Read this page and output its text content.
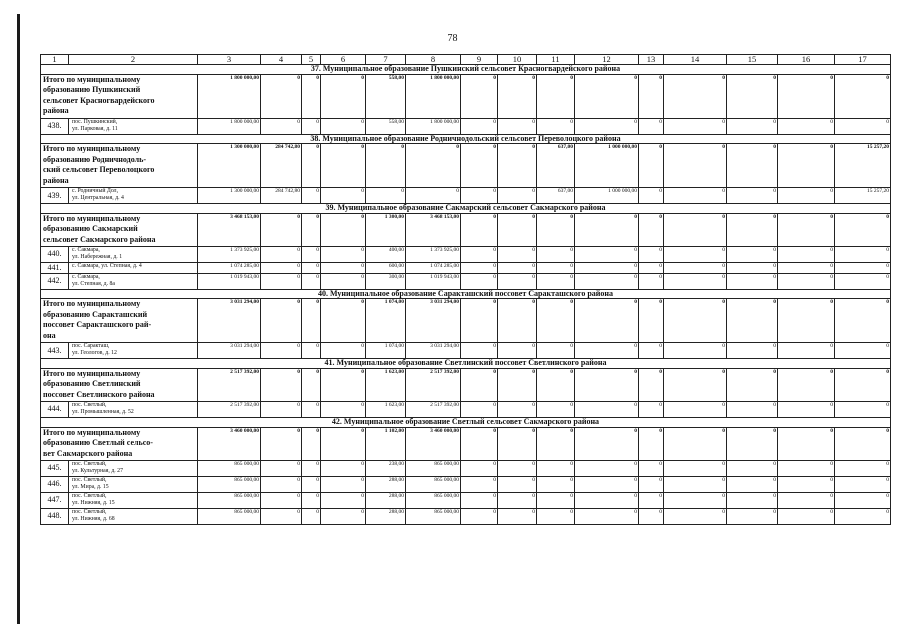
78
1	2	3	4	5	6	7	8	9	10	11	12	13	14	15	16	17
37. Муниципальное образование Пушкинский сельсовет Красногвардейского района																

Итого по муниципальному
образованию Пушкинский
сельсовет Красногвардейского
района		1 800 000,00	0	0	0	558,00	1 800 000,00	0	0	0	0	0	0	0	0	0
438.	пос. Пушкинский,
ул. Парковая, д. 11	1 800 000,00	0	0	0	558,00	1 800 000,00	0	0	0	0	0	0	0	0	0
38. Муниципальное образование Родничнодольский сельсовет Переволоцкого района																

Итого по муниципальному
образованию Родничнодоль-
ский сельсовет Переволоцкого
района		1 300 000,00	284 742,80	0	0	0	0	0	0	637,00	1 000 000,00	0	0	0	0	15 257,20
439.	с. Родничный Дол,
ул. Центральная, д. 4	1 300 000,00	284 742,80	0	0	0	0	0	0	637,00	1 000 000,00	0	0	0	0	15 257,20
39. Муниципальное образование Сакмарский сельсовет Сакмарского района																

Итого по муниципальному
образованию Сакмарский
сельсовет Сакмарского района		3 468 153,00	0	0	0	1 300,00	3 468 153,00	0	0	0	0	0	0	0	0	0
440.	с. Сакмара,
ул. Набережная, д. 1	1 373 925,00	0	0	0	400,00	1 373 925,00	0	0	0	0	0	0	0	0	0
441.	с. Сакмара, ул. Степная, д. 4	1 074 285,00	0	0	0	600,00	1 074 285,00	0	0	0	0	0	0	0	0	0
442.	с. Сакмара,
ул. Степная, д. 8а	1 019 943,00	0	0	0	300,00	1 019 943,00	0	0	0	0	0	0	0	0	0
40. Муниципальное образование Саракташский поссовет Саракташского района																

Итого по муниципальному
образованию Саракташский
поссовет Саракташского рай-
она		3 031 294,00	0	0	0	1 074,00	3 031 294,00	0	0	0	0	0	0	0	0	0
443.	пос. Саракташ,
ул. Геологов, д. 12	3 031 294,00	0	0	0	1 074,00	3 031 294,00	0	0	0	0	0	0	0	0	0
41. Муниципальное образование Светлинский поссовет Светлинского района																

Итого по муниципальному
образованию Светлинский
поссовет Светлинского района		2 517 392,00	0	0	0	1 623,00	2 517 392,00	0	0	0	0	0	0	0	0	0
444.	пос. Светлый,
ул. Промышленная, д. 52	2 517 392,00	0	0	0	1 623,00	2 517 392,00	0	0	0	0	0	0	0	0	0
42. Муниципальное образование Светлый сельсовет Сакмарского района																

Итого по муниципальному
образованию Светлый сельсо-
вет Сакмарского района		3 460 000,00	0	0	0	1 102,00	3 460 000,00	0	0	0	0	0	0	0	0	0
445.	пос. Светлый,
ул. Культурная, д. 27	865 000,00	0	0	0	238,00	865 000,00	0	0	0	0	0	0	0	0	0
446.	пос. Светлый,
ул. Мира, д. 15	865 000,00	0	0	0	288,00	865 000,00	0	0	0	0	0	0	0	0	0
447.	пос. Светлый,
ул. Нижняя, д. 15	865 000,00	0	0	0	288,00	865 000,00	0	0	0	0	0	0	0	0	0
448.	пос. Светлый,
ул. Нижняя, д. 68	865 000,00	0	0	0	288,00	865 000,00	0	0	0	0	0	0	0	0	0
